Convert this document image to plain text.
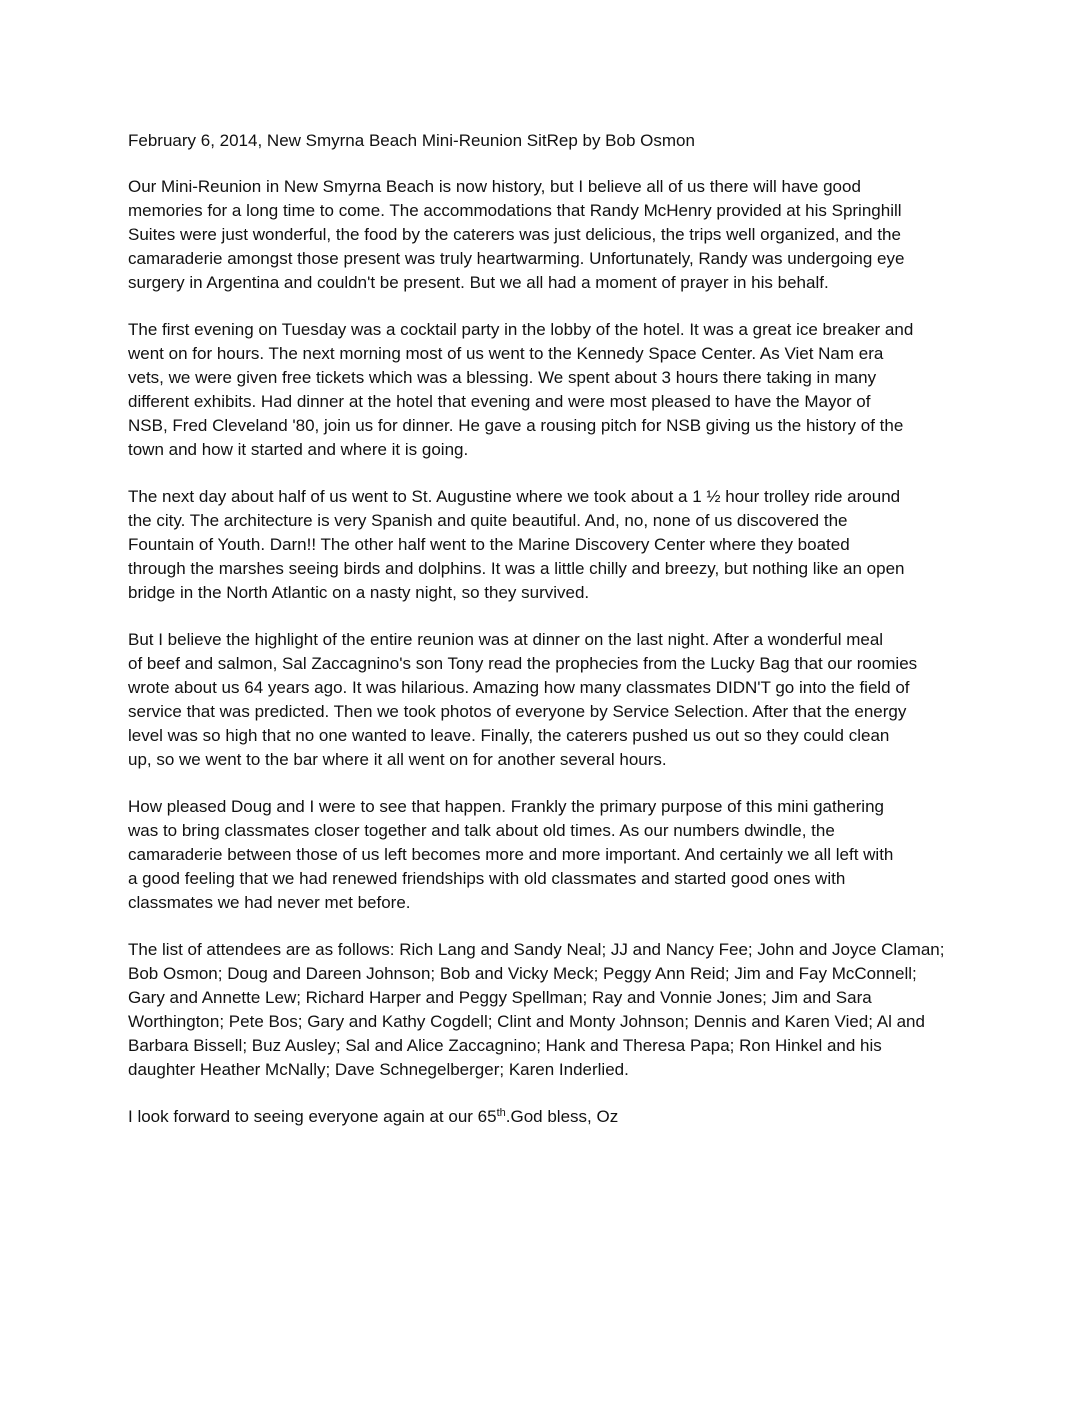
February 6, 2014, New Smyrna Beach Mini-Reunion SitRep by Bob Osmon
Our Mini-Reunion in New Smyrna Beach is now history, but I believe all of us there will have good
memories for a long time to come. The accommodations that Randy McHenry provided at his Springhill
Suites were just wonderful, the food by the caterers was just delicious, the trips well organized, and the
camaraderie amongst those present was truly heartwarming. Unfortunately, Randy was undergoing eye
surgery in Argentina and couldn't be present. But we all had a moment of prayer in his behalf.
The first evening on Tuesday was a cocktail party in the lobby of the hotel. It was a great ice breaker and
went on for hours. The next morning most of us went to the Kennedy Space Center. As Viet Nam era
vets, we were given free tickets which was a blessing. We spent about 3 hours there taking in many
different exhibits. Had dinner at the hotel that evening and were most pleased to have the Mayor of
NSB, Fred Cleveland '80, join us for dinner. He gave a rousing pitch for NSB giving us the history of the
town and how it started and where it is going.
The next day about half of us went to St. Augustine where we took about a 1 ½ hour trolley ride around
the city. The architecture is very Spanish and quite beautiful. And, no, none of us discovered the
Fountain of Youth. Darn!! The other half went to the Marine Discovery Center where they boated
through the marshes seeing birds and dolphins. It was a little chilly and breezy, but nothing like an open
bridge in the North Atlantic on a nasty night, so they survived.
But I believe the highlight of the entire reunion was at dinner on the last night. After a wonderful meal
of beef and salmon, Sal Zaccagnino's son Tony read the prophecies from the Lucky Bag that our roomies
wrote about us 64 years ago. It was hilarious. Amazing how many classmates DIDN'T go into the field of
service that was predicted. Then we took photos of everyone by Service Selection. After that the energy
level was so high that no one wanted to leave. Finally, the caterers pushed us out so they could clean
up, so we went to the bar where it all went on for another several hours.
How pleased Doug and I were to see that happen. Frankly the primary purpose of this mini gathering
was to bring classmates closer together and talk about old times. As our numbers dwindle, the
camaraderie between those of us left becomes more and more important. And certainly we all left with
a good feeling that we had renewed friendships with old classmates and started good ones with
classmates we had never met before.
The list of attendees are as follows: Rich Lang and Sandy Neal; JJ and Nancy Fee; John and Joyce Claman;
Bob Osmon; Doug and Dareen Johnson; Bob and Vicky Meck; Peggy Ann Reid; Jim and Fay McConnell;
Gary and Annette Lew; Richard Harper and Peggy Spellman; Ray and Vonnie Jones; Jim and Sara
Worthington; Pete Bos; Gary and Kathy Cogdell; Clint and Monty Johnson; Dennis and Karen Vied; Al and
Barbara Bissell; Buz Ausley; Sal and Alice Zaccagnino; Hank and Theresa Papa; Ron Hinkel and his
daughter Heather McNally; Dave Schnegelberger; Karen Inderlied.
I look forward to seeing everyone again at our 65th.God bless, Oz
